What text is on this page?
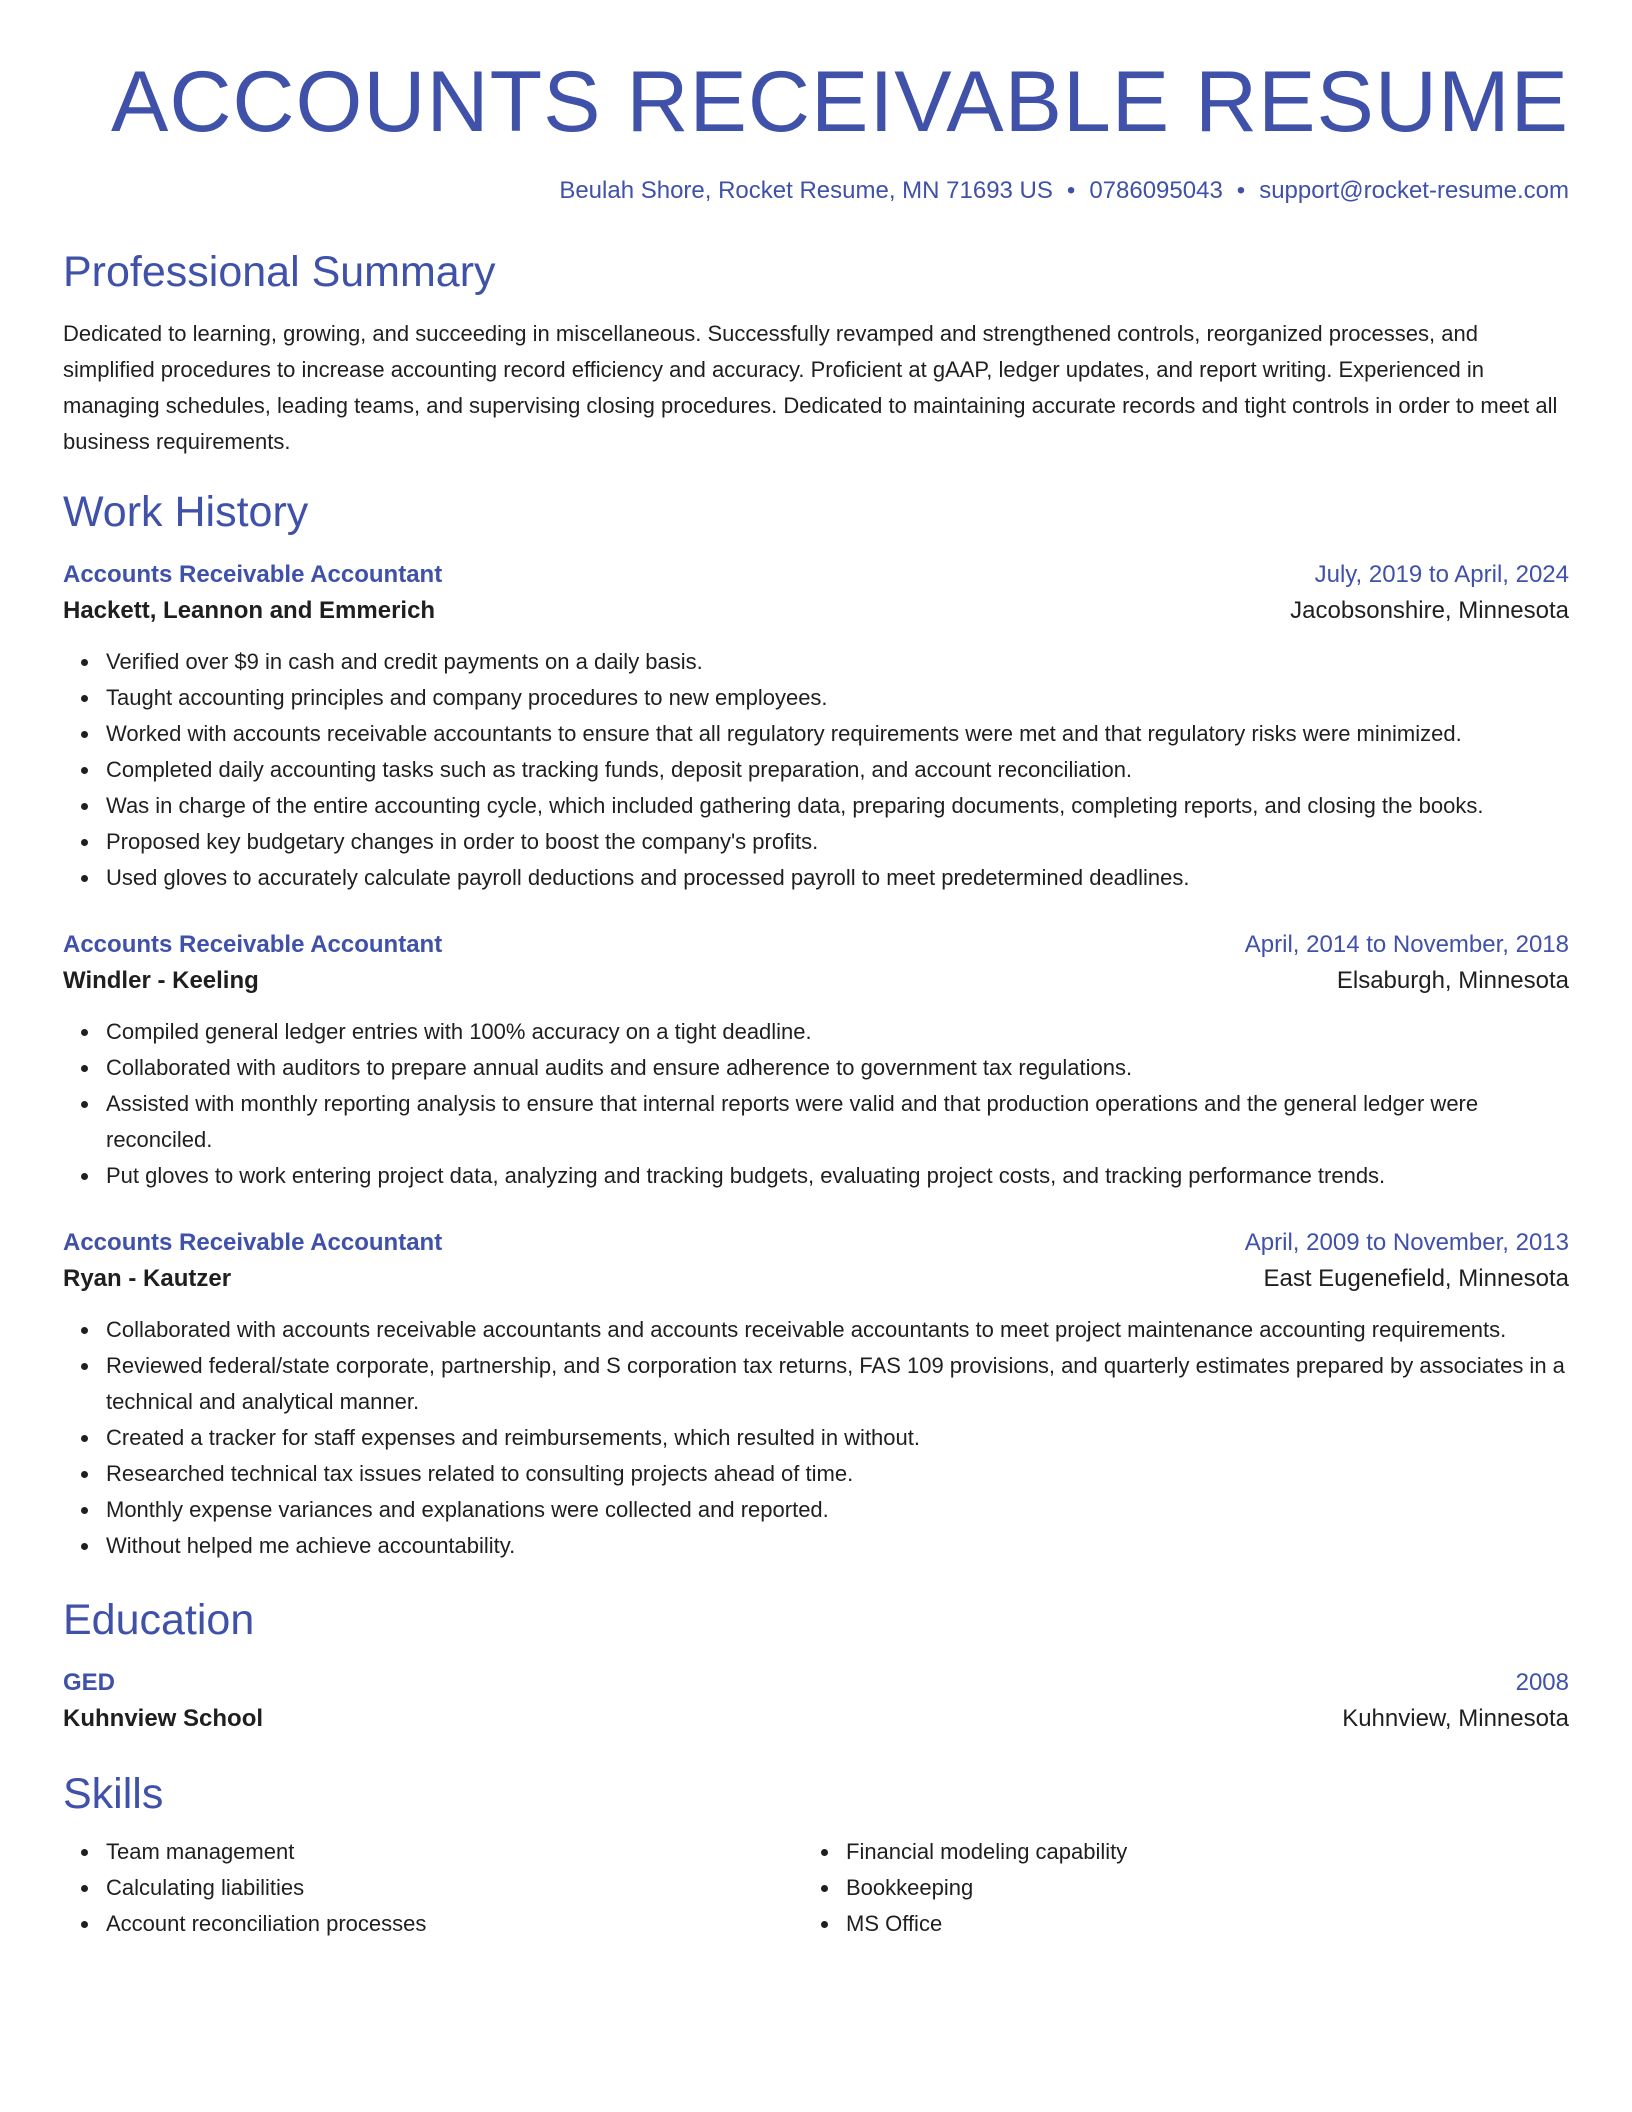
ACCOUNTS RECEIVABLE RESUME
Beulah Shore, Rocket Resume, MN 71693 US • 0786095043 • support@rocket-resume.com
Professional Summary
Dedicated to learning, growing, and succeeding in miscellaneous. Successfully revamped and strengthened controls, reorganized processes, and simplified procedures to increase accounting record efficiency and accuracy. Proficient at gAAP, ledger updates, and report writing. Experienced in managing schedules, leading teams, and supervising closing procedures. Dedicated to maintaining accurate records and tight controls in order to meet all business requirements.
Work History
Accounts Receivable Accountant	July, 2019 to April, 2024
Hackett, Leannon and Emmerich	Jacobsonshire, Minnesota
Verified over $9 in cash and credit payments on a daily basis.
Taught accounting principles and company procedures to new employees.
Worked with accounts receivable accountants to ensure that all regulatory requirements were met and that regulatory risks were minimized.
Completed daily accounting tasks such as tracking funds, deposit preparation, and account reconciliation.
Was in charge of the entire accounting cycle, which included gathering data, preparing documents, completing reports, and closing the books.
Proposed key budgetary changes in order to boost the company's profits.
Used gloves to accurately calculate payroll deductions and processed payroll to meet predetermined deadlines.
Accounts Receivable Accountant	April, 2014 to November, 2018
Windler - Keeling	Elsaburgh, Minnesota
Compiled general ledger entries with 100% accuracy on a tight deadline.
Collaborated with auditors to prepare annual audits and ensure adherence to government tax regulations.
Assisted with monthly reporting analysis to ensure that internal reports were valid and that production operations and the general ledger were reconciled.
Put gloves to work entering project data, analyzing and tracking budgets, evaluating project costs, and tracking performance trends.
Accounts Receivable Accountant	April, 2009 to November, 2013
Ryan - Kautzer	East Eugenefield, Minnesota
Collaborated with accounts receivable accountants and accounts receivable accountants to meet project maintenance accounting requirements.
Reviewed federal/state corporate, partnership, and S corporation tax returns, FAS 109 provisions, and quarterly estimates prepared by associates in a technical and analytical manner.
Created a tracker for staff expenses and reimbursements, which resulted in without.
Researched technical tax issues related to consulting projects ahead of time.
Monthly expense variances and explanations were collected and reported.
Without helped me achieve accountability.
Education
GED	2008
Kuhnview School	Kuhnview, Minnesota
Skills
Team management
Calculating liabilities
Account reconciliation processes
Financial modeling capability
Bookkeeping
MS Office
